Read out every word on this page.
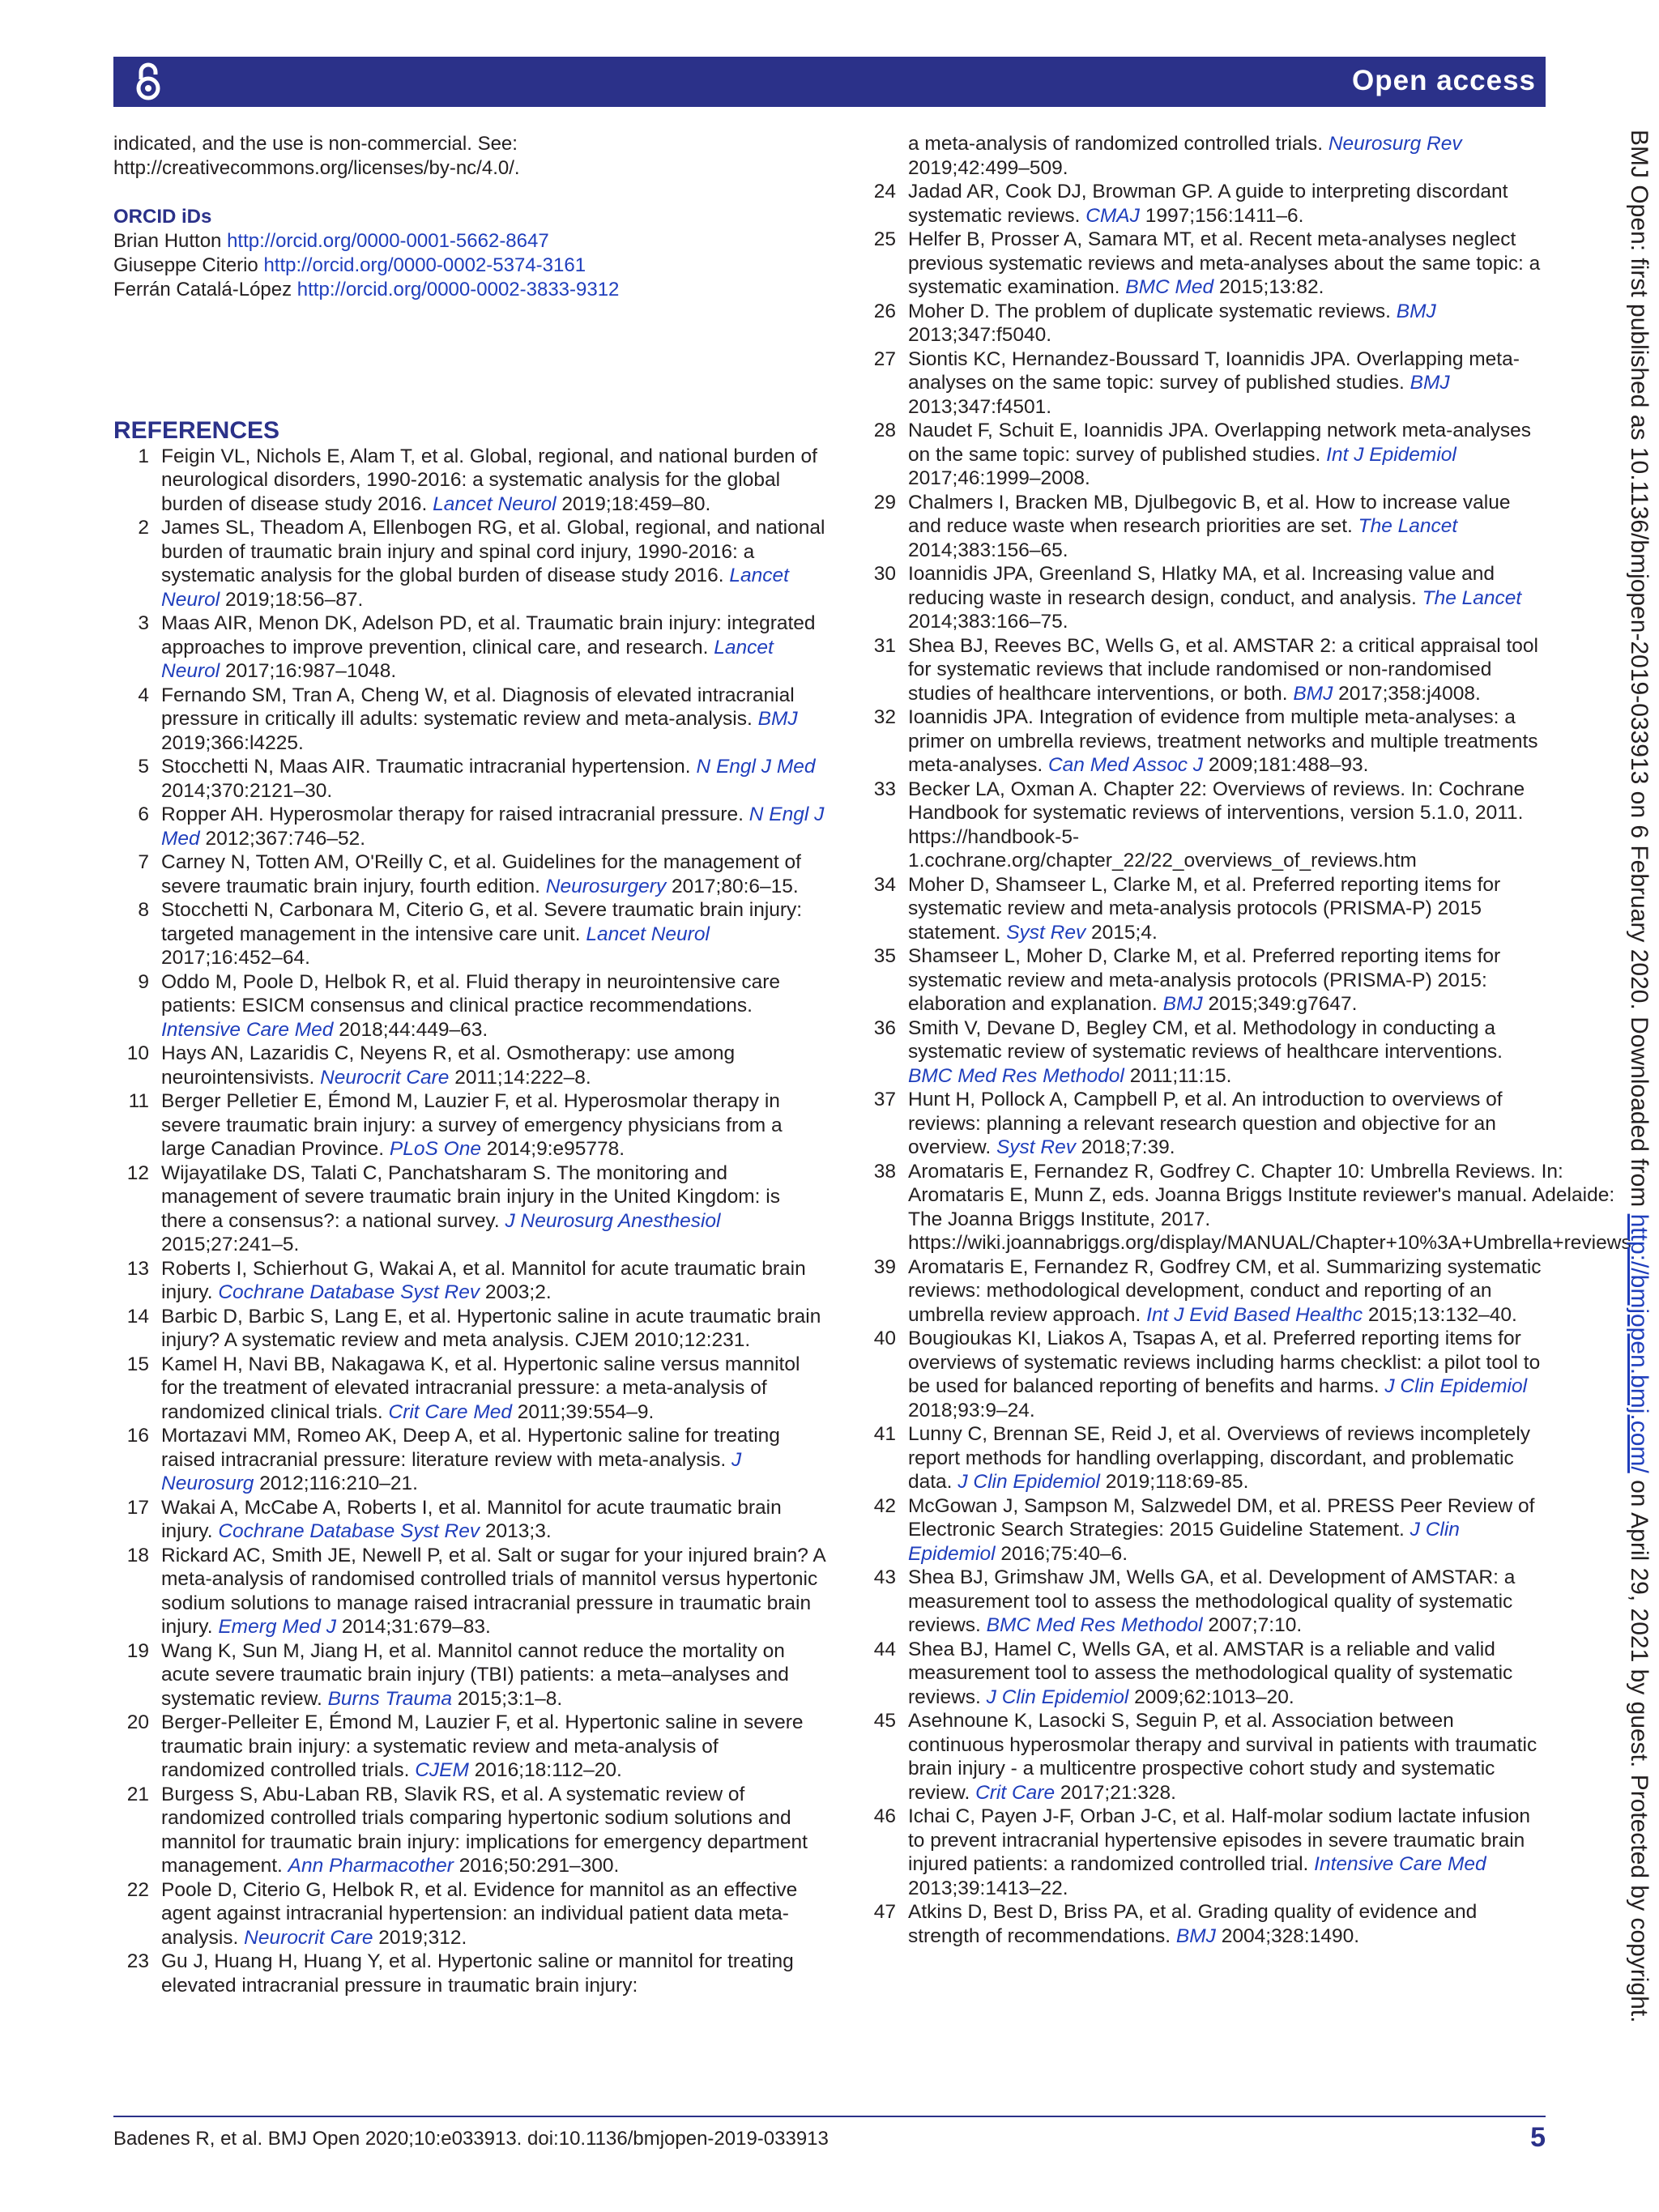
Open access
indicated, and the use is non-commercial. See: http://creativecommons.org/licenses/by-nc/4.0/.
ORCID iDs
Brian Hutton http://orcid.org/0000-0001-5662-8647
Giuseppe Citerio http://orcid.org/0000-0002-5374-3161
Ferrán Catalá-López http://orcid.org/0000-0002-3833-9312
REFERENCES
1 Feigin VL, Nichols E, Alam T, et al. Global, regional, and national burden of neurological disorders, 1990-2016: a systematic analysis for the global burden of disease study 2016. Lancet Neurol 2019;18:459–80.
2 James SL, Theadom A, Ellenbogen RG, et al. Global, regional, and national burden of traumatic brain injury and spinal cord injury, 1990-2016: a systematic analysis for the global burden of disease study 2016. Lancet Neurol 2019;18:56–87.
3 Maas AIR, Menon DK, Adelson PD, et al. Traumatic brain injury: integrated approaches to improve prevention, clinical care, and research. Lancet Neurol 2017;16:987–1048.
4 Fernando SM, Tran A, Cheng W, et al. Diagnosis of elevated intracranial pressure in critically ill adults: systematic review and meta-analysis. BMJ 2019;366:l4225.
5 Stocchetti N, Maas AIR. Traumatic intracranial hypertension. N Engl J Med 2014;370:2121–30.
6 Ropper AH. Hyperosmolar therapy for raised intracranial pressure. N Engl J Med 2012;367:746–52.
7 Carney N, Totten AM, O'Reilly C, et al. Guidelines for the management of severe traumatic brain injury, fourth edition. Neurosurgery 2017;80:6–15.
8 Stocchetti N, Carbonara M, Citerio G, et al. Severe traumatic brain injury: targeted management in the intensive care unit. Lancet Neurol 2017;16:452–64.
9 Oddo M, Poole D, Helbok R, et al. Fluid therapy in neurointensive care patients: ESICM consensus and clinical practice recommendations. Intensive Care Med 2018;44:449–63.
10 Hays AN, Lazaridis C, Neyens R, et al. Osmotherapy: use among neurointensivists. Neurocrit Care 2011;14:222–8.
11 Berger Pelletier E, Émond M, Lauzier F, et al. Hyperosmolar therapy in severe traumatic brain injury: a survey of emergency physicians from a large Canadian Province. PLoS One 2014;9:e95778.
12 Wijayatilake DS, Talati C, Panchatsharam S. The monitoring and management of severe traumatic brain injury in the United Kingdom: is there a consensus?: a national survey. J Neurosurg Anesthesiol 2015;27:241–5.
13 Roberts I, Schierhout G, Wakai A, et al. Mannitol for acute traumatic brain injury. Cochrane Database Syst Rev 2003;2.
14 Barbic D, Barbic S, Lang E, et al. Hypertonic saline in acute traumatic brain injury? A systematic review and meta analysis. CJEM 2010;12:231.
15 Kamel H, Navi BB, Nakagawa K, et al. Hypertonic saline versus mannitol for the treatment of elevated intracranial pressure: a meta-analysis of randomized clinical trials. Crit Care Med 2011;39:554–9.
16 Mortazavi MM, Romeo AK, Deep A, et al. Hypertonic saline for treating raised intracranial pressure: literature review with meta-analysis. J Neurosurg 2012;116:210–21.
17 Wakai A, McCabe A, Roberts I, et al. Mannitol for acute traumatic brain injury. Cochrane Database Syst Rev 2013;3.
18 Rickard AC, Smith JE, Newell P, et al. Salt or sugar for your injured brain? A meta-analysis of randomised controlled trials of mannitol versus hypertonic sodium solutions to manage raised intracranial pressure in traumatic brain injury. Emerg Med J 2014;31:679–83.
19 Wang K, Sun M, Jiang H, et al. Mannitol cannot reduce the mortality on acute severe traumatic brain injury (TBI) patients: a meta–analyses and systematic review. Burns Trauma 2015;3:1–8.
20 Berger-Pelleiter E, Émond M, Lauzier F, et al. Hypertonic saline in severe traumatic brain injury: a systematic review and meta-analysis of randomized controlled trials. CJEM 2016;18:112–20.
21 Burgess S, Abu-Laban RB, Slavik RS, et al. A systematic review of randomized controlled trials comparing hypertonic sodium solutions and mannitol for traumatic brain injury: implications for emergency department management. Ann Pharmacother 2016;50:291–300.
22 Poole D, Citerio G, Helbok R, et al. Evidence for mannitol as an effective agent against intracranial hypertension: an individual patient data meta-analysis. Neurocrit Care 2019;312.
23 Gu J, Huang H, Huang Y, et al. Hypertonic saline or mannitol for treating elevated intracranial pressure in traumatic brain injury:
a meta-analysis of randomized controlled trials. Neurosurg Rev 2019;42:499–509.
24 Jadad AR, Cook DJ, Browman GP. A guide to interpreting discordant systematic reviews. CMAJ 1997;156:1411–6.
25 Helfer B, Prosser A, Samara MT, et al. Recent meta-analyses neglect previous systematic reviews and meta-analyses about the same topic: a systematic examination. BMC Med 2015;13:82.
26 Moher D. The problem of duplicate systematic reviews. BMJ 2013;347:f5040.
27 Siontis KC, Hernandez-Boussard T, Ioannidis JPA. Overlapping meta-analyses on the same topic: survey of published studies. BMJ 2013;347:f4501.
28 Naudet F, Schuit E, Ioannidis JPA. Overlapping network meta-analyses on the same topic: survey of published studies. Int J Epidemiol 2017;46:1999–2008.
29 Chalmers I, Bracken MB, Djulbegovic B, et al. How to increase value and reduce waste when research priorities are set. The Lancet 2014;383:156–65.
30 Ioannidis JPA, Greenland S, Hlatky MA, et al. Increasing value and reducing waste in research design, conduct, and analysis. The Lancet 2014;383:166–75.
31 Shea BJ, Reeves BC, Wells G, et al. AMSTAR 2: a critical appraisal tool for systematic reviews that include randomised or non-randomised studies of healthcare interventions, or both. BMJ 2017;358:j4008.
32 Ioannidis JPA. Integration of evidence from multiple meta-analyses: a primer on umbrella reviews, treatment networks and multiple treatments meta-analyses. Can Med Assoc J 2009;181:488–93.
33 Becker LA, Oxman A. Chapter 22: Overviews of reviews. In: Cochrane Handbook for systematic reviews of interventions, version 5.1.0, 2011. https://handbook-5-1.cochrane.org/chapter_22/22_overviews_of_reviews.htm
34 Moher D, Shamseer L, Clarke M, et al. Preferred reporting items for systematic review and meta-analysis protocols (PRISMA-P) 2015 statement. Syst Rev 2015;4.
35 Shamseer L, Moher D, Clarke M, et al. Preferred reporting items for systematic review and meta-analysis protocols (PRISMA-P) 2015: elaboration and explanation. BMJ 2015;349:g7647.
36 Smith V, Devane D, Begley CM, et al. Methodology in conducting a systematic review of systematic reviews of healthcare interventions. BMC Med Res Methodol 2011;11:15.
37 Hunt H, Pollock A, Campbell P, et al. An introduction to overviews of reviews: planning a relevant research question and objective for an overview. Syst Rev 2018;7:39.
38 Aromataris E, Fernandez R, Godfrey C. Chapter 10: Umbrella Reviews. In: Aromataris E, Munn Z, eds. Joanna Briggs Institute reviewer's manual. Adelaide: The Joanna Briggs Institute, 2017. https://wiki.joannabriggs.org/display/MANUAL/Chapter+10%3A+Umbrella+reviews
39 Aromataris E, Fernandez R, Godfrey CM, et al. Summarizing systematic reviews: methodological development, conduct and reporting of an umbrella review approach. Int J Evid Based Healthc 2015;13:132–40.
40 Bougioukas KI, Liakos A, Tsapas A, et al. Preferred reporting items for overviews of systematic reviews including harms checklist: a pilot tool to be used for balanced reporting of benefits and harms. J Clin Epidemiol 2018;93:9–24.
41 Lunny C, Brennan SE, Reid J, et al. Overviews of reviews incompletely report methods for handling overlapping, discordant, and problematic data. J Clin Epidemiol 2019;118:69-85.
42 McGowan J, Sampson M, Salzwedel DM, et al. PRESS Peer Review of Electronic Search Strategies: 2015 Guideline Statement. J Clin Epidemiol 2016;75:40–6.
43 Shea BJ, Grimshaw JM, Wells GA, et al. Development of AMSTAR: a measurement tool to assess the methodological quality of systematic reviews. BMC Med Res Methodol 2007;7:10.
44 Shea BJ, Hamel C, Wells GA, et al. AMSTAR is a reliable and valid measurement tool to assess the methodological quality of systematic reviews. J Clin Epidemiol 2009;62:1013–20.
45 Asehnoune K, Lasocki S, Seguin P, et al. Association between continuous hyperosmolar therapy and survival in patients with traumatic brain injury - a multicentre prospective cohort study and systematic review. Crit Care 2017;21:328.
46 Ichai C, Payen J-F, Orban J-C, et al. Half-molar sodium lactate infusion to prevent intracranial hypertensive episodes in severe traumatic brain injured patients: a randomized controlled trial. Intensive Care Med 2013;39:1413–22.
47 Atkins D, Best D, Briss PA, et al. Grading quality of evidence and strength of recommendations. BMJ 2004;328:1490.
BMJ Open: first published as 10.1136/bmjopen-2019-033913 on 6 February 2020. Downloaded from http://bmjopen.bmj.com/ on April 29, 2021 by guest. Protected by copyright.
Badenes R, et al. BMJ Open 2020;10:e033913. doi:10.1136/bmjopen-2019-033913	5
